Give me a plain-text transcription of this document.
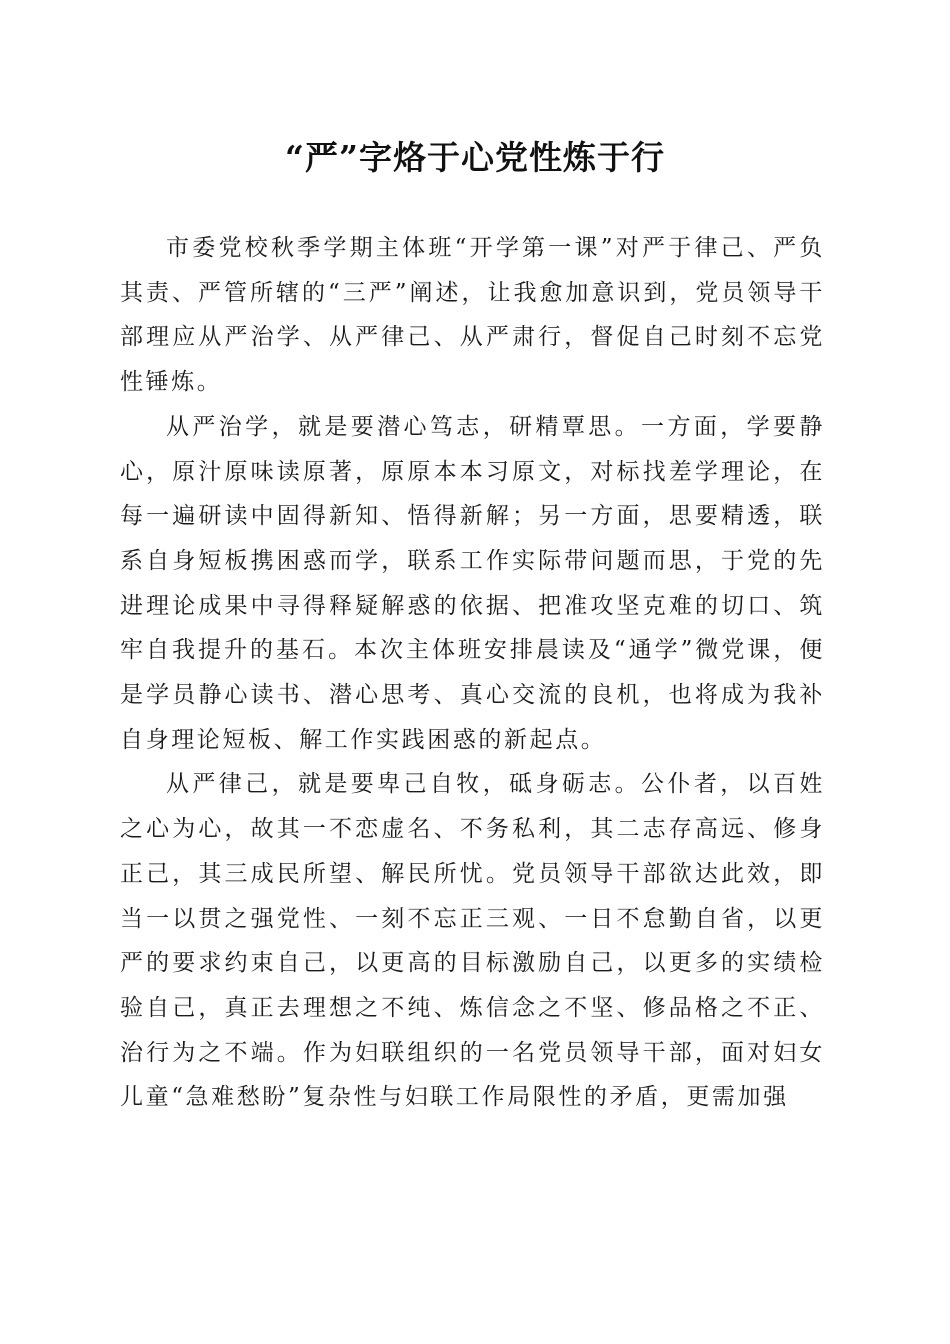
“严”字烙于心党性炼于行

市委党校秋季学期主体班“开学第一课”对严于律己、严负其责、严管所辖的“三严”阐述，让我愈加意识到，党员领导干部理应从严治学、从严律己、从严肃行，督促自己时刻不忘党性锤炼。

从严治学，就是要潜心笃志，研精覃思。一方面，学要静心，原汁原味读原著，原原本本习原文，对标找差学理论，在每一遍研读中固得新知、悟得新解；另一方面，思要精透，联系自身短板携困惑而学，联系工作实际带问题而思，于党的先进理论成果中寻得释疑解惑的依据、把准攻坚克难的切口、筑牢自我提升的基石。本次主体班安排晨读及“通学”微党课，便是学员静心读书、潜心思考、真心交流的良机，也将成为我补自身理论短板、解工作实践困惑的新起点。

从严律己，就是要卑己自牧，砥身砺志。公仆者，以百姓之心为心，故其一不恋虚名、不务私利，其二志存高远、修身正己，其三成民所望、解民所忧。党员领导干部欲达此效，即当一以贯之强党性、一刻不忘正三观、一日不怠勤自省，以更严的要求约束自己，以更高的目标激励自己，以更多的实绩检验自己，真正去理想之不纯、炼信念之不坚、修品格之不正、治行为之不端。作为妇联组织的一名党员领导干部，面对妇女儿童“急难愁盼”复杂性与妇联工作局限性的矛盾，更需加强
